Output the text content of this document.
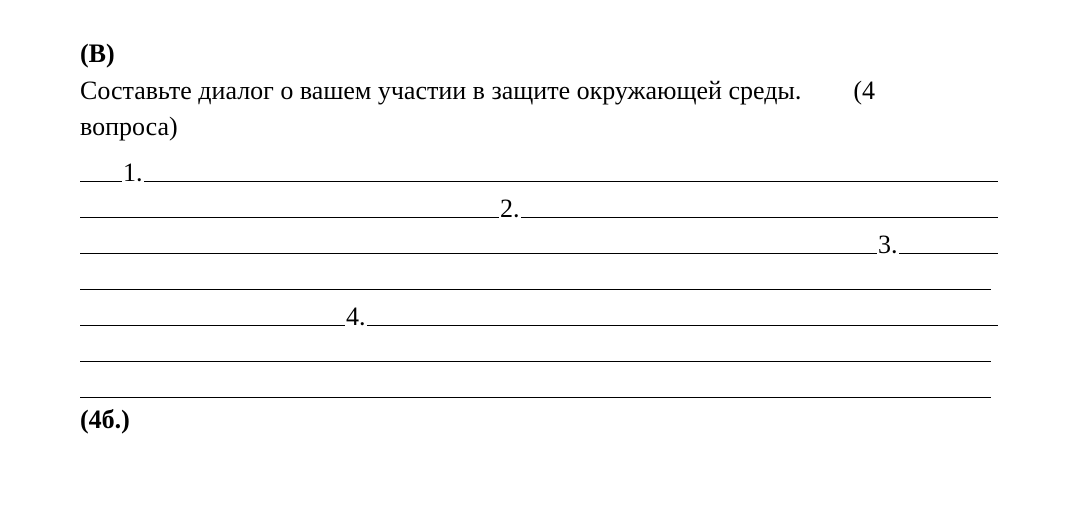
(В)
Составьте диалог о вашем участии в защите окружающей среды. (4
вопроса)
1.
2.
3.
4.
(4б.)
